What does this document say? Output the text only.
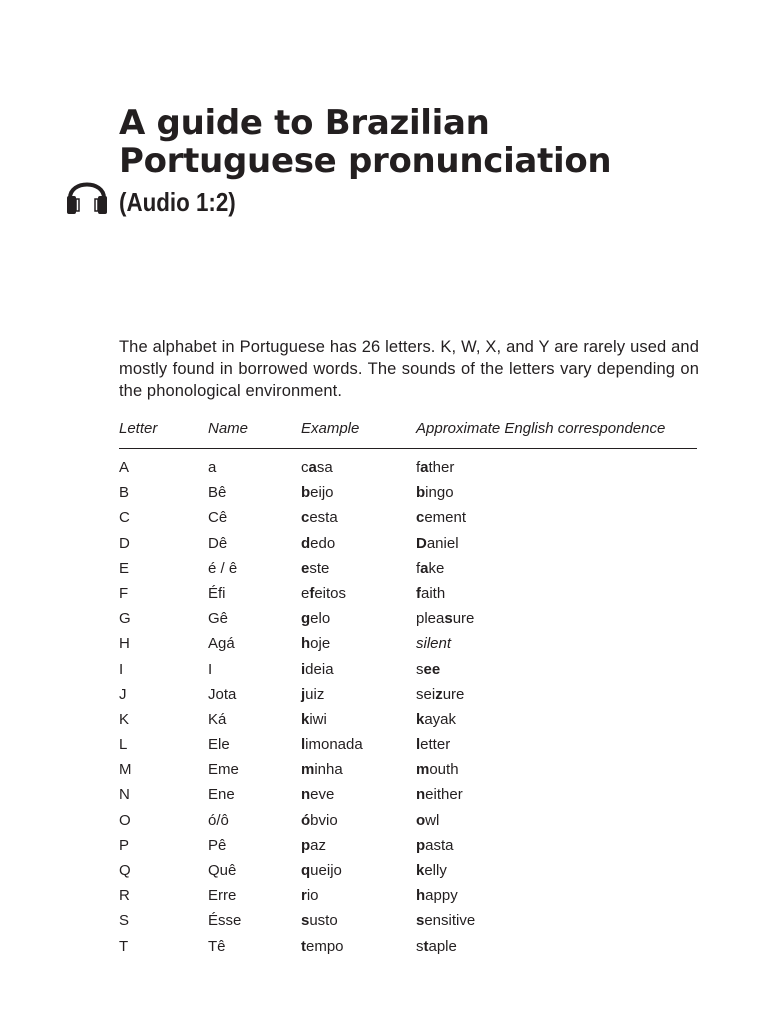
A guide to Brazilian
Portuguese pronunciation
(Audio 1:2)

The alphabet in Portuguese has 26 letters. K, W, X, and Y are rarely used and mostly found in borrowed words. The sounds of the letters vary depending on the phonological environment.

Letter	Name	Example	Approximate English correspondence
A	a	casa	father
B	Bê	beijo	bingo
C	Cê	cesta	cement
D	Dê	dedo	Daniel
E	é / ê	este	fake
F	Éfi	efeitos	faith
G	Gê	gelo	pleasure
H	Agá	hoje	silent
I	I	ideia	see
J	Jota	juiz	seizure
K	Ká	kiwi	kayak
L	Ele	limonada	letter
M	Eme	minha	mouth
N	Ene	neve	neither
O	ó/ô	óbvio	owl
P	Pê	paz	pasta
Q	Quê	queijo	kelly
R	Erre	rio	happy
S	Ésse	susto	sensitive
T	Tê	tempo	staple
